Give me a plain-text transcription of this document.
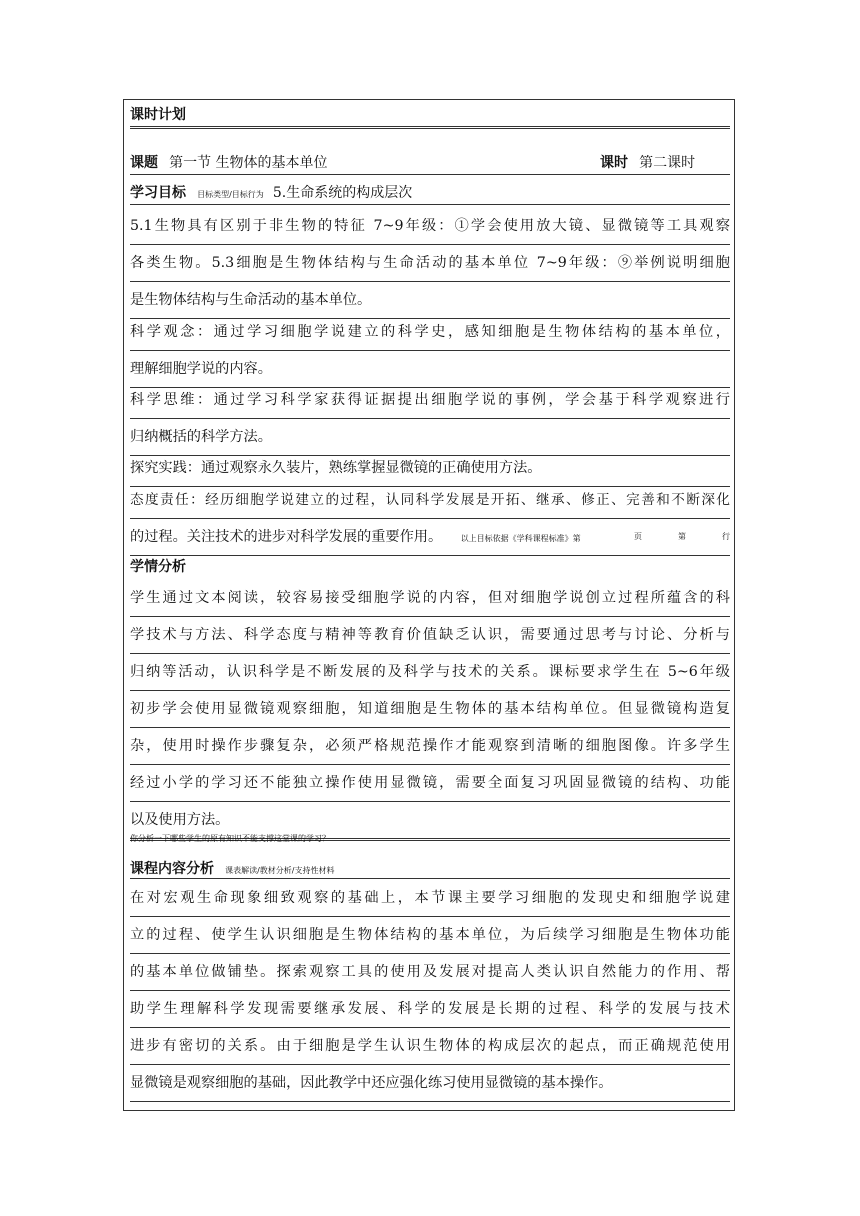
课时计划
课题 第一节 生物体的基本单位	课时 第二课时
学习目标 目标类型/目标行为 5.生命系统的构成层次
5.1生物具有区别于非生物的特征 7~9年级：①学会使用放大镜、显微镜等工具观察
各类生物。5.3细胞是生物体结构与生命活动的基本单位 7~9年级：⑨举例说明细胞
是生物体结构与生命活动的基本单位。
科学观念：通过学习细胞学说建立的科学史，感知细胞是生物体结构的基本单位，
理解细胞学说的内容。
科学思维：通过学习科学家获得证据提出细胞学说的事例，学会基于科学观察进行
归纳概括的科学方法。
探究实践：通过观察永久装片，熟练掌握显微镜的正确使用方法。
态度责任：经历细胞学说建立的过程，认同科学发展是开拓、继承、修正、完善和不断深化
的过程。关注技术的进步对科学发展的重要作用。 以上目标依据《学科课程标准》第	页	第	行
学情分析
学生通过文本阅读，较容易接受细胞学说的内容，但对细胞学说创立过程所蕴含的科
学技术与方法、科学态度与精神等教育价值缺乏认识，需要通过思考与讨论、分析与
归纳等活动，认识科学是不断发展的及科学与技术的关系。课标要求学生在 5~6年级
初步学会使用显微镜观察细胞，知道细胞是生物体的基本结构单位。但显微镜构造复
杂，使用时操作步骤复杂，必须严格规范操作才能观察到清晰的细胞图像。许多学生
经过小学的学习还不能独立操作使用显微镜，需要全面复习巩固显微镜的结构、功能
以及使用方法。
你分析一下哪些学生的原有知识不能支撑这堂课的学习？
课程内容分析 课表解读/教材分析/支持性材料
在对宏观生命现象细致观察的基础上，本节课主要学习细胞的发现史和细胞学说建
立的过程、使学生认识细胞是生物体结构的基本单位，为后续学习细胞是生物体功能
的基本单位做铺垫。探索观察工具的使用及发展对提高人类认识自然能力的作用、帮
助学生理解科学发现需要继承发展、科学的发展是长期的过程、科学的发展与技术
进步有密切的关系。由于细胞是学生认识生物体的构成层次的起点，而正确规范使用
显微镜是观察细胞的基础，因此教学中还应强化练习使用显微镜的基本操作。
